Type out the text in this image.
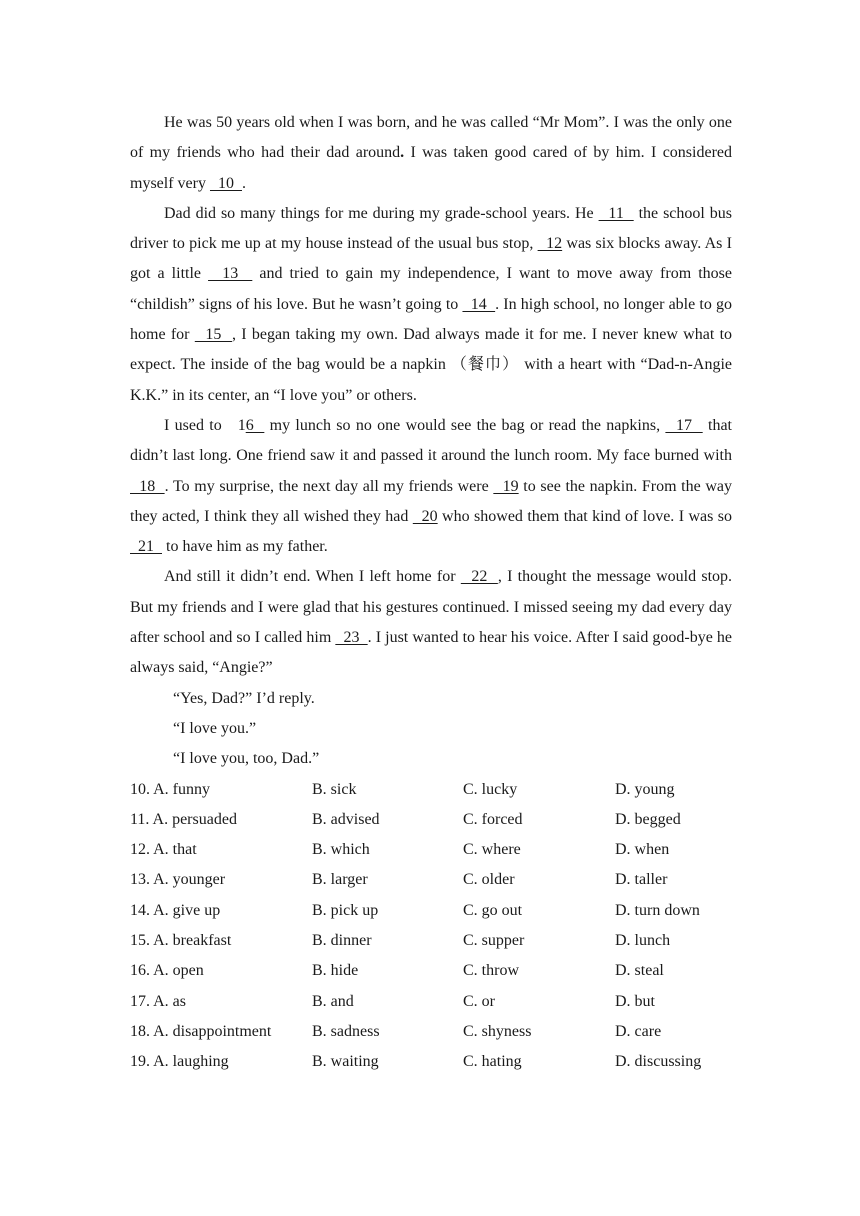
He was 50 years old when I was born, and he was called “Mr Mom”. I was the only one of my friends who had their dad around. I was taken good cared of by him. I considered myself very   10  .

Dad did so many things for me during my grade-school years. He   11   the school bus driver to pick me up at my house instead of the usual bus stop,   12 was six blocks away. As I got a little   13   and tried to gain my independence, I want to move away from those “childish” signs of his love. But he wasn’t going to   14  . In high school, no longer able to go home for   15  , I began taking my own. Dad always made it for me. I never knew what to expect. The inside of the bag would be a napkin （餐巾） with a heart with “Dad-n-Angie K.K.” in its center, an “I love you” or others.

I used to   16   my lunch so no one would see the bag or read the napkins,   17   that didn’t last long. One friend saw it and passed it around the lunch room. My face burned with   18  . To my surprise, the next day all my friends were   19 to see the napkin. From the way they acted, I think they all wished they had   20 who showed them that kind of love. I was so   21   to have him as my father.

And still it didn’t end. When I left home for   22  , I thought the message would stop. But my friends and I were glad that his gestures continued. I missed seeing my dad every day after school and so I called him   23  . I just wanted to hear his voice. After I said good-bye he always said, “Angie?”

“Yes, Dad?” I’d reply.

“I love you.”

“I love you, too, Dad.”

10. A. funny	B. sick	C. lucky	D. young
11. A. persuaded	B. advised	C. forced	D. begged
12. A. that	B. which	C. where	D. when
13. A. younger	B. larger	C. older	D. taller
14. A. give up	B. pick up	C. go out	D. turn down
15. A. breakfast	B. dinner	C. supper	D. lunch
16. A. open	B. hide	C. throw	D. steal
17. A. as	B. and	C. or	D. but
18. A. disappointment	B. sadness	C. shyness	D. care
19. A. laughing	B. waiting	C. hating	D. discussing
